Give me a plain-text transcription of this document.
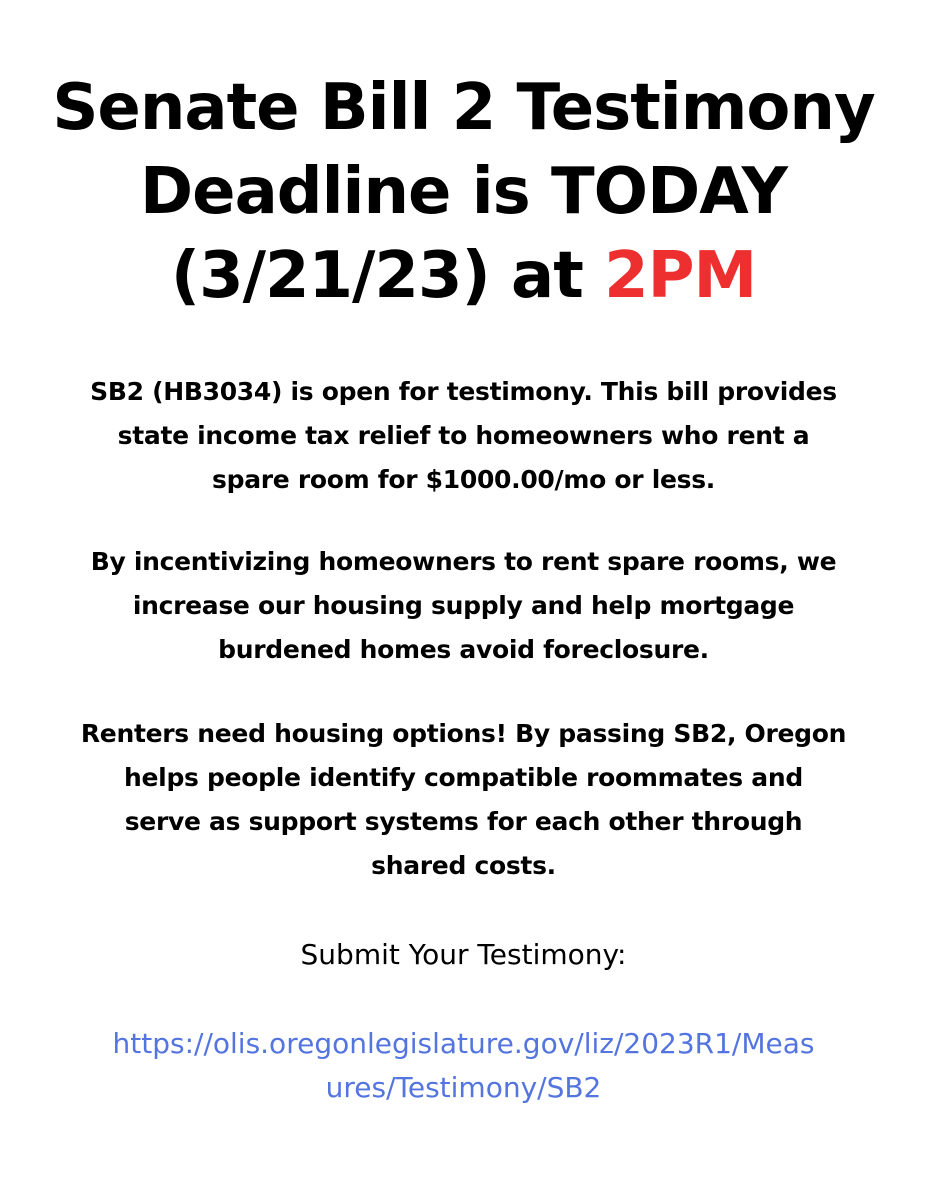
Senate Bill 2 Testimony
Deadline is TODAY
(3/21/23) at 2PM

SB2 (HB3034) is open for testimony. This bill provides
state income tax relief to homeowners who rent a
spare room for $1000.00/mo or less.

By incentivizing homeowners to rent spare rooms, we
increase our housing supply and help mortgage
burdened homes avoid foreclosure.

Renters need housing options! By passing SB2, Oregon
helps people identify compatible roommates and
serve as support systems for each other through
shared costs.

Submit Your Testimony:

https://olis.oregonlegislature.gov/liz/2023R1/Meas
ures/Testimony/SB2
